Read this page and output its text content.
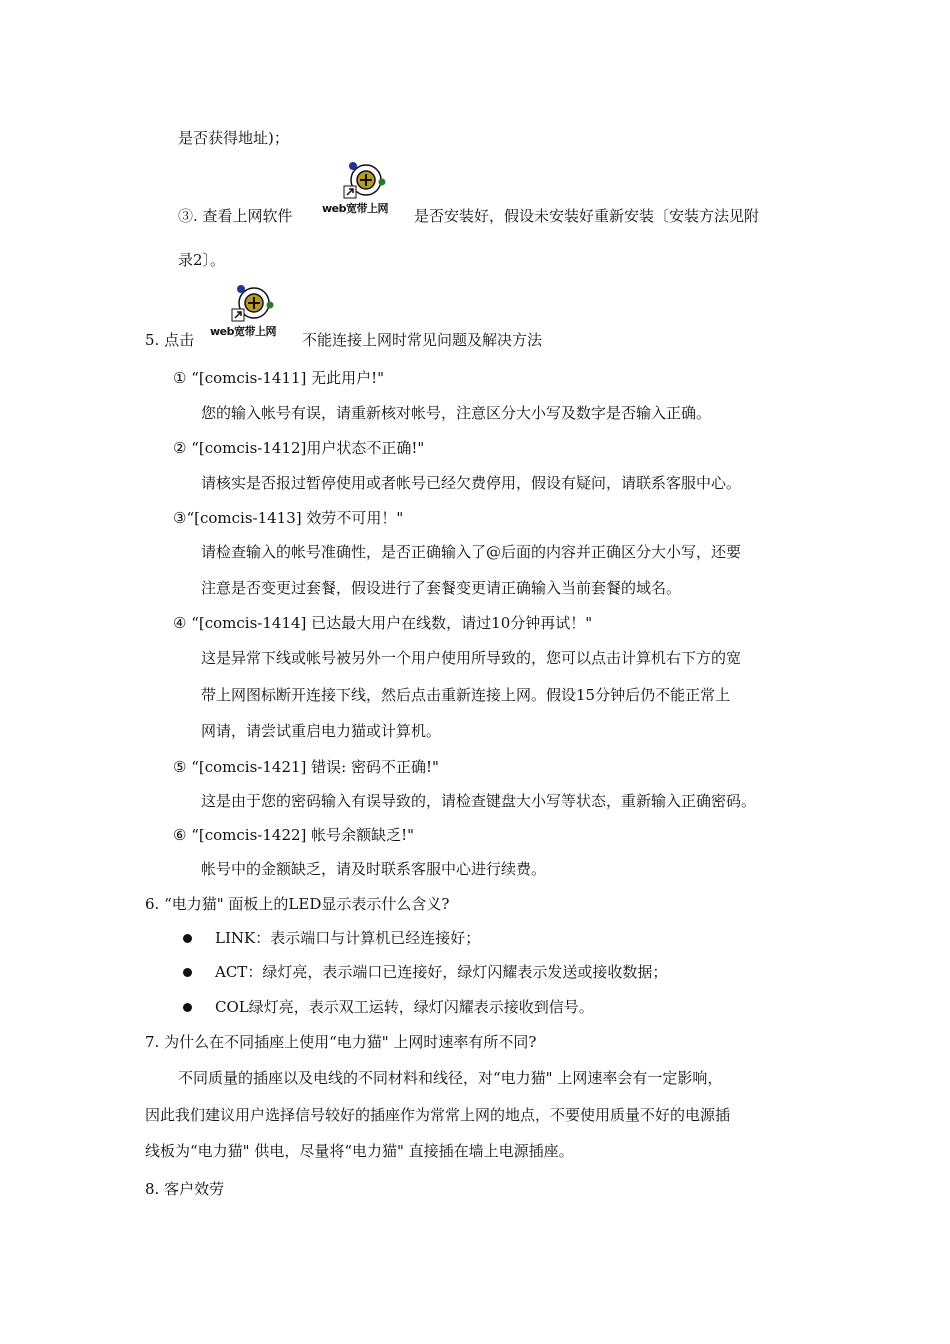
是否获得地址)；
③. 查看上网软件	web宽带上网 是否安装好，假设未安装好重新安装〔安装方法见附
录2〕。
5. 点击 web宽带上网 不能连接上网时常见问题及解决方法
① “[comcis-1411] 无此用户!"
您的输入帐号有误，请重新核对帐号，注意区分大小写及数字是否输入正确。
② “[comcis-1412]用户状态不正确!"
请核实是否报过暂停使用或者帐号已经欠费停用，假设有疑问，请联系客服中心。
③“[comcis-1413] 效劳不可用！"
请检查输入的帐号准确性，是否正确输入了@后面的内容并正确区分大小写，还要
注意是否变更过套餐，假设进行了套餐变更请正确输入当前套餐的域名。
④ “[comcis-1414] 已达最大用户在线数，请过10分钟再试！"
这是异常下线或帐号被另外一个用户使用所导致的，您可以点击计算机右下方的宽
带上网图标断开连接下线，然后点击重新连接上网。假设15分钟后仍不能正常上
网请，请尝试重启电力猫或计算机。
⑤ “[comcis-1421] 错误: 密码不正确!"
这是由于您的密码输入有误导致的，请检查键盘大小写等状态，重新输入正确密码。
⑥ “[comcis-1422] 帐号余额缺乏!"
帐号中的金额缺乏，请及时联系客服中心进行续费。
6. “电力猫" 面板上的LED显示表示什么含义?
LINK：表示端口与计算机已经连接好；
ACT：绿灯亮，表示端口已连接好，绿灯闪耀表示发送或接收数据；
COL绿灯亮，表示双工运转，绿灯闪耀表示接收到信号。
7. 为什么在不同插座上使用“电力猫" 上网时速率有所不同?
不同质量的插座以及电线的不同材料和线径，对“电力猫" 上网速率会有一定影响，
因此我们建议用户选择信号较好的插座作为常常上网的地点，不要使用质量不好的电源插
线板为“电力猫" 供电，尽量将“电力猫" 直接插在墙上电源插座。
8. 客户效劳
